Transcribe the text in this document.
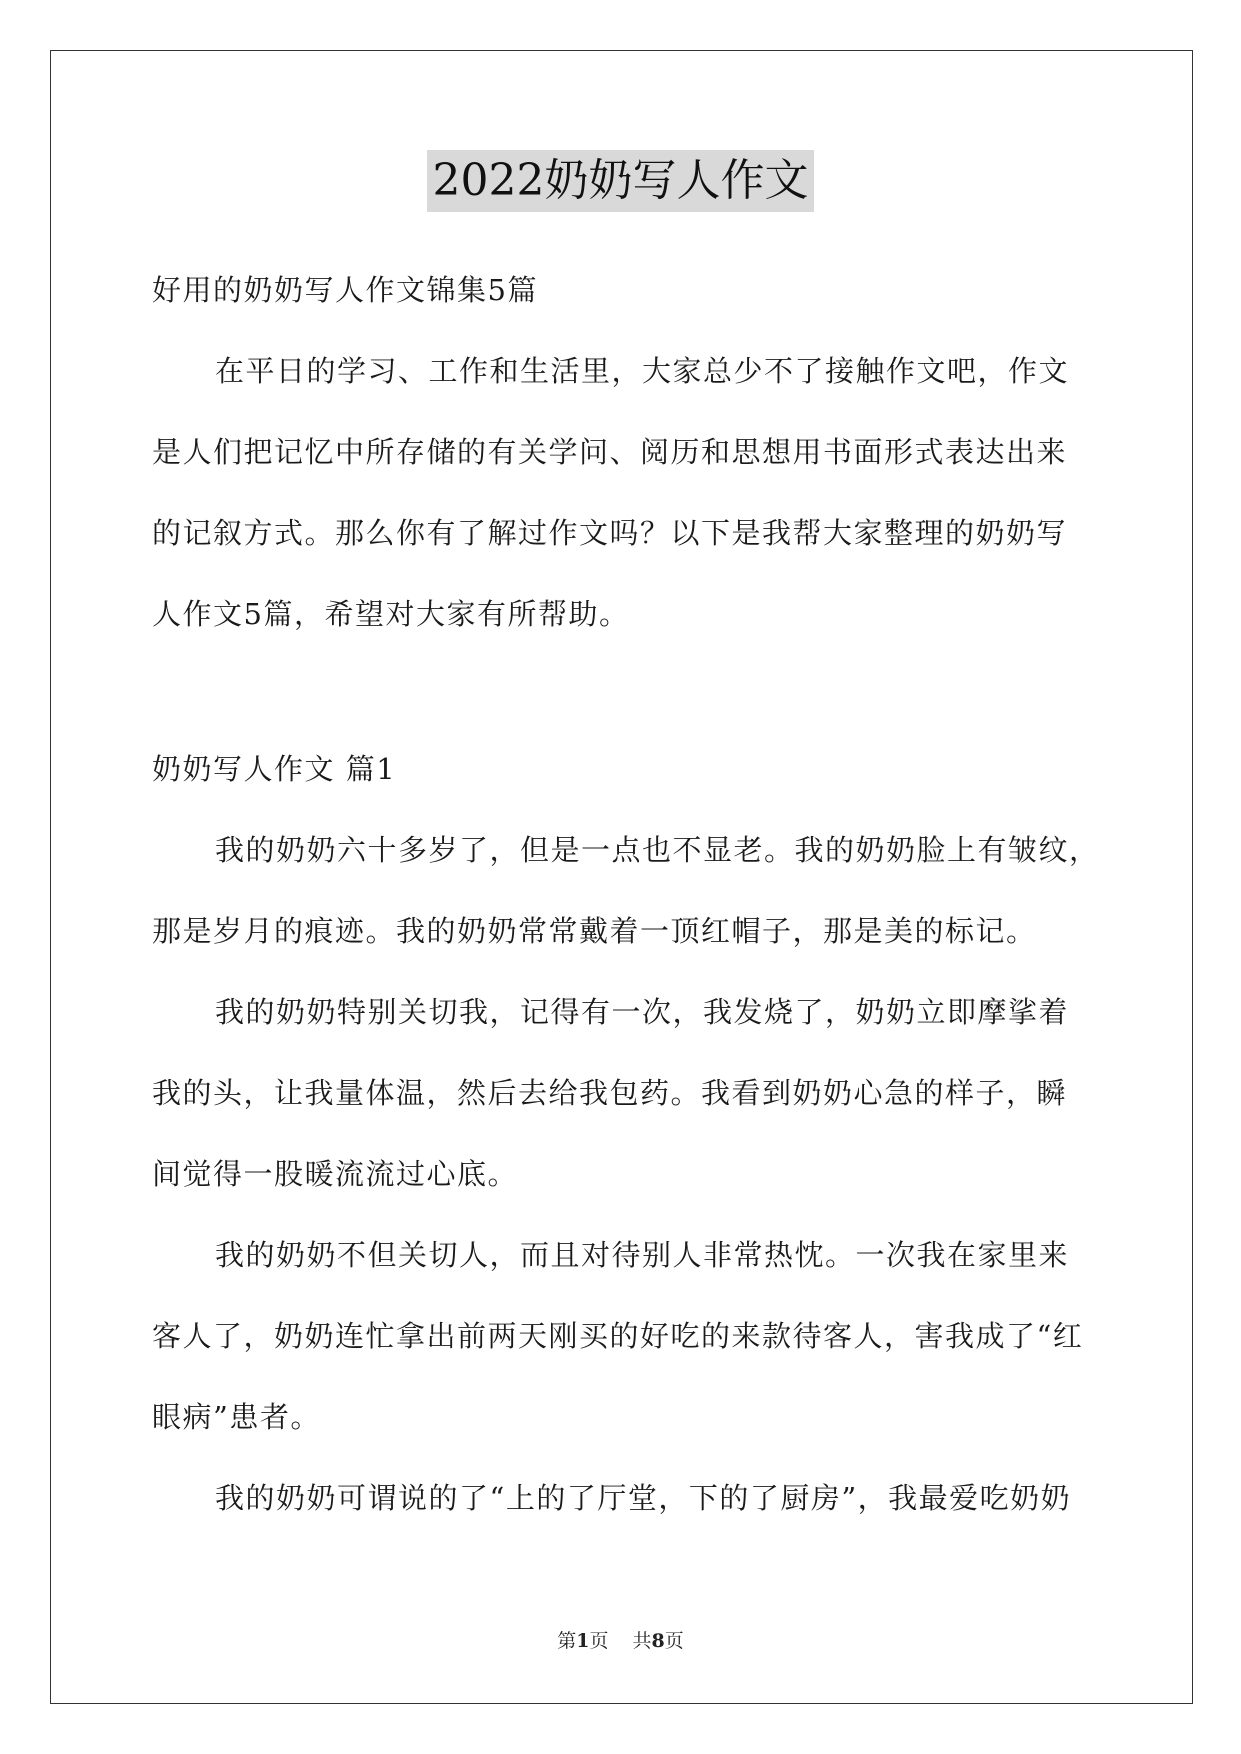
2022奶奶写人作文
好用的奶奶写人作文锦集5篇
在平日的学习、工作和生活里，大家总少不了接触作文吧，作文
是人们把记忆中所存储的有关学问、阅历和思想用书面形式表达出来
的记叙方式。那么你有了解过作文吗？以下是我帮大家整理的奶奶写
人作文5篇，希望对大家有所帮助。
奶奶写人作文 篇1
我的奶奶六十多岁了，但是一点也不显老。我的奶奶脸上有皱纹，
那是岁月的痕迹。我的奶奶常常戴着一顶红帽子，那是美的标记。
我的奶奶特别关切我，记得有一次，我发烧了，奶奶立即摩挲着
我的头，让我量体温，然后去给我包药。我看到奶奶心急的样子，瞬
间觉得一股暖流流过心底。
我的奶奶不但关切人，而且对待别人非常热忱。一次我在家里来
客人了，奶奶连忙拿出前两天刚买的好吃的来款待客人，害我成了“红
眼病”患者。
我的奶奶可谓说的了“上的了厅堂，下的了厨房”，我最爱吃奶奶
第1页 共8页
